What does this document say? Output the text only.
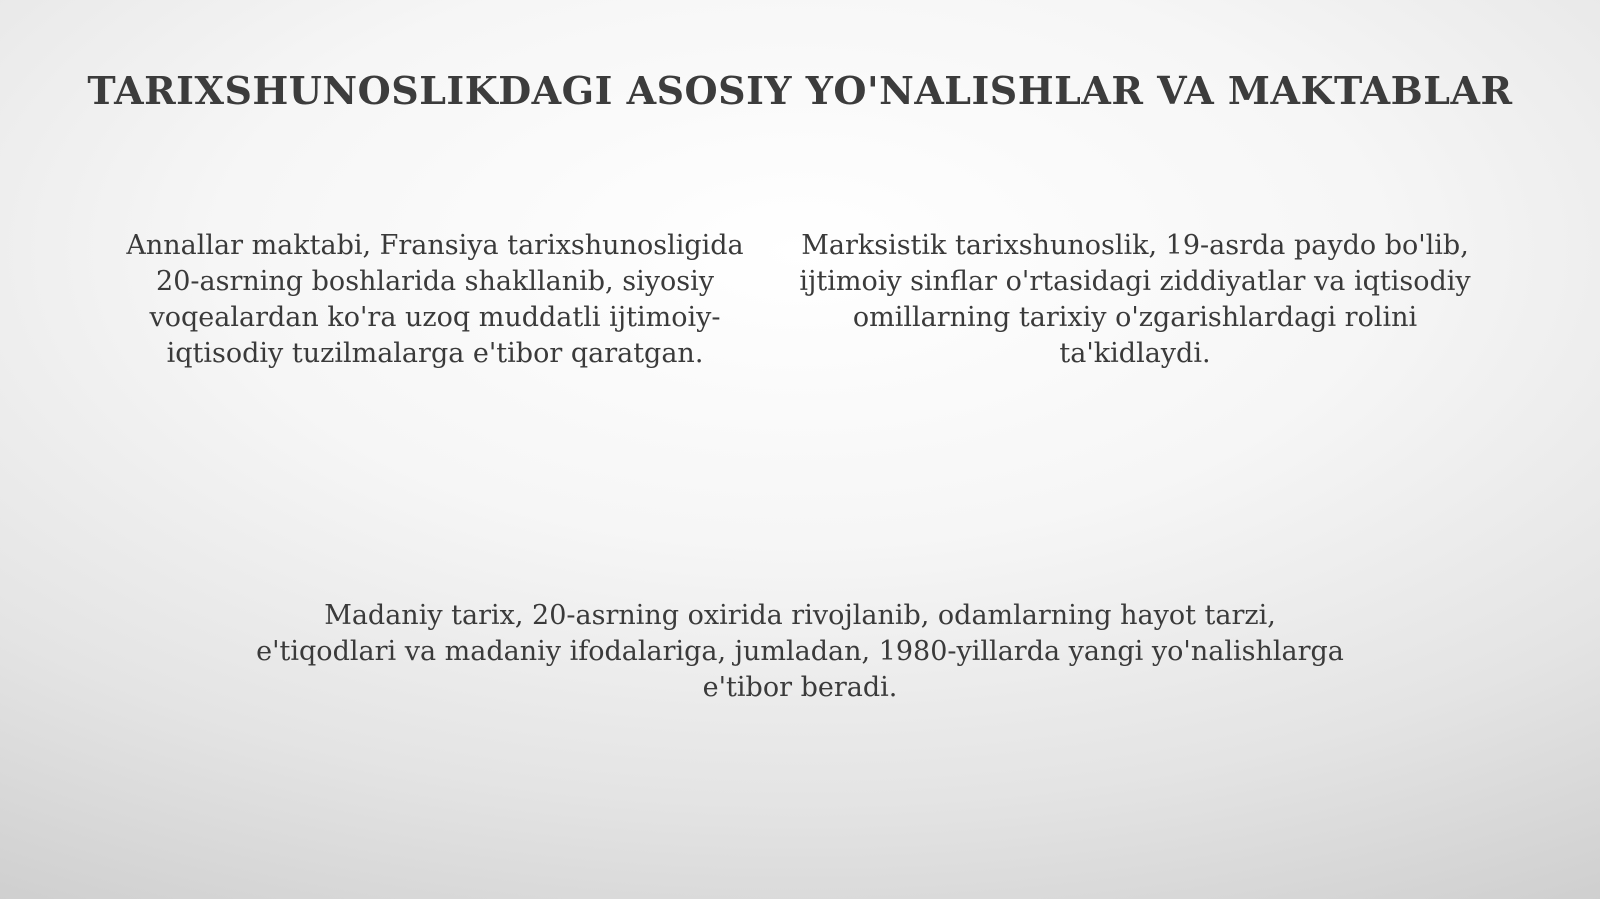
TARIXSHUNOSLIKDAGI ASOSIY YO'NALISHLAR VA MAKTABLAR

Annallar maktabi, Fransiya tarixshunosligida 20-asrning boshlarida shakllanib, siyosiy voqealardan ko'ra uzoq muddatli ijtimoiy-iqtisodiy tuzilmalarga e'tibor qaratgan.

Marksistik tarixshunoslik, 19-asrda paydo bo'lib, ijtimoiy sinflar o'rtasidagi ziddiyatlar va iqtisodiy omillarning tarixiy o'zgarishlardagi rolini ta'kidlaydi.

Madaniy tarix, 20-asrning oxirida rivojlanib, odamlarning hayot tarzi, e'tiqodlari va madaniy ifodalariga, jumladan, 1980-yillarda yangi yo'nalishlarga e'tibor beradi.
